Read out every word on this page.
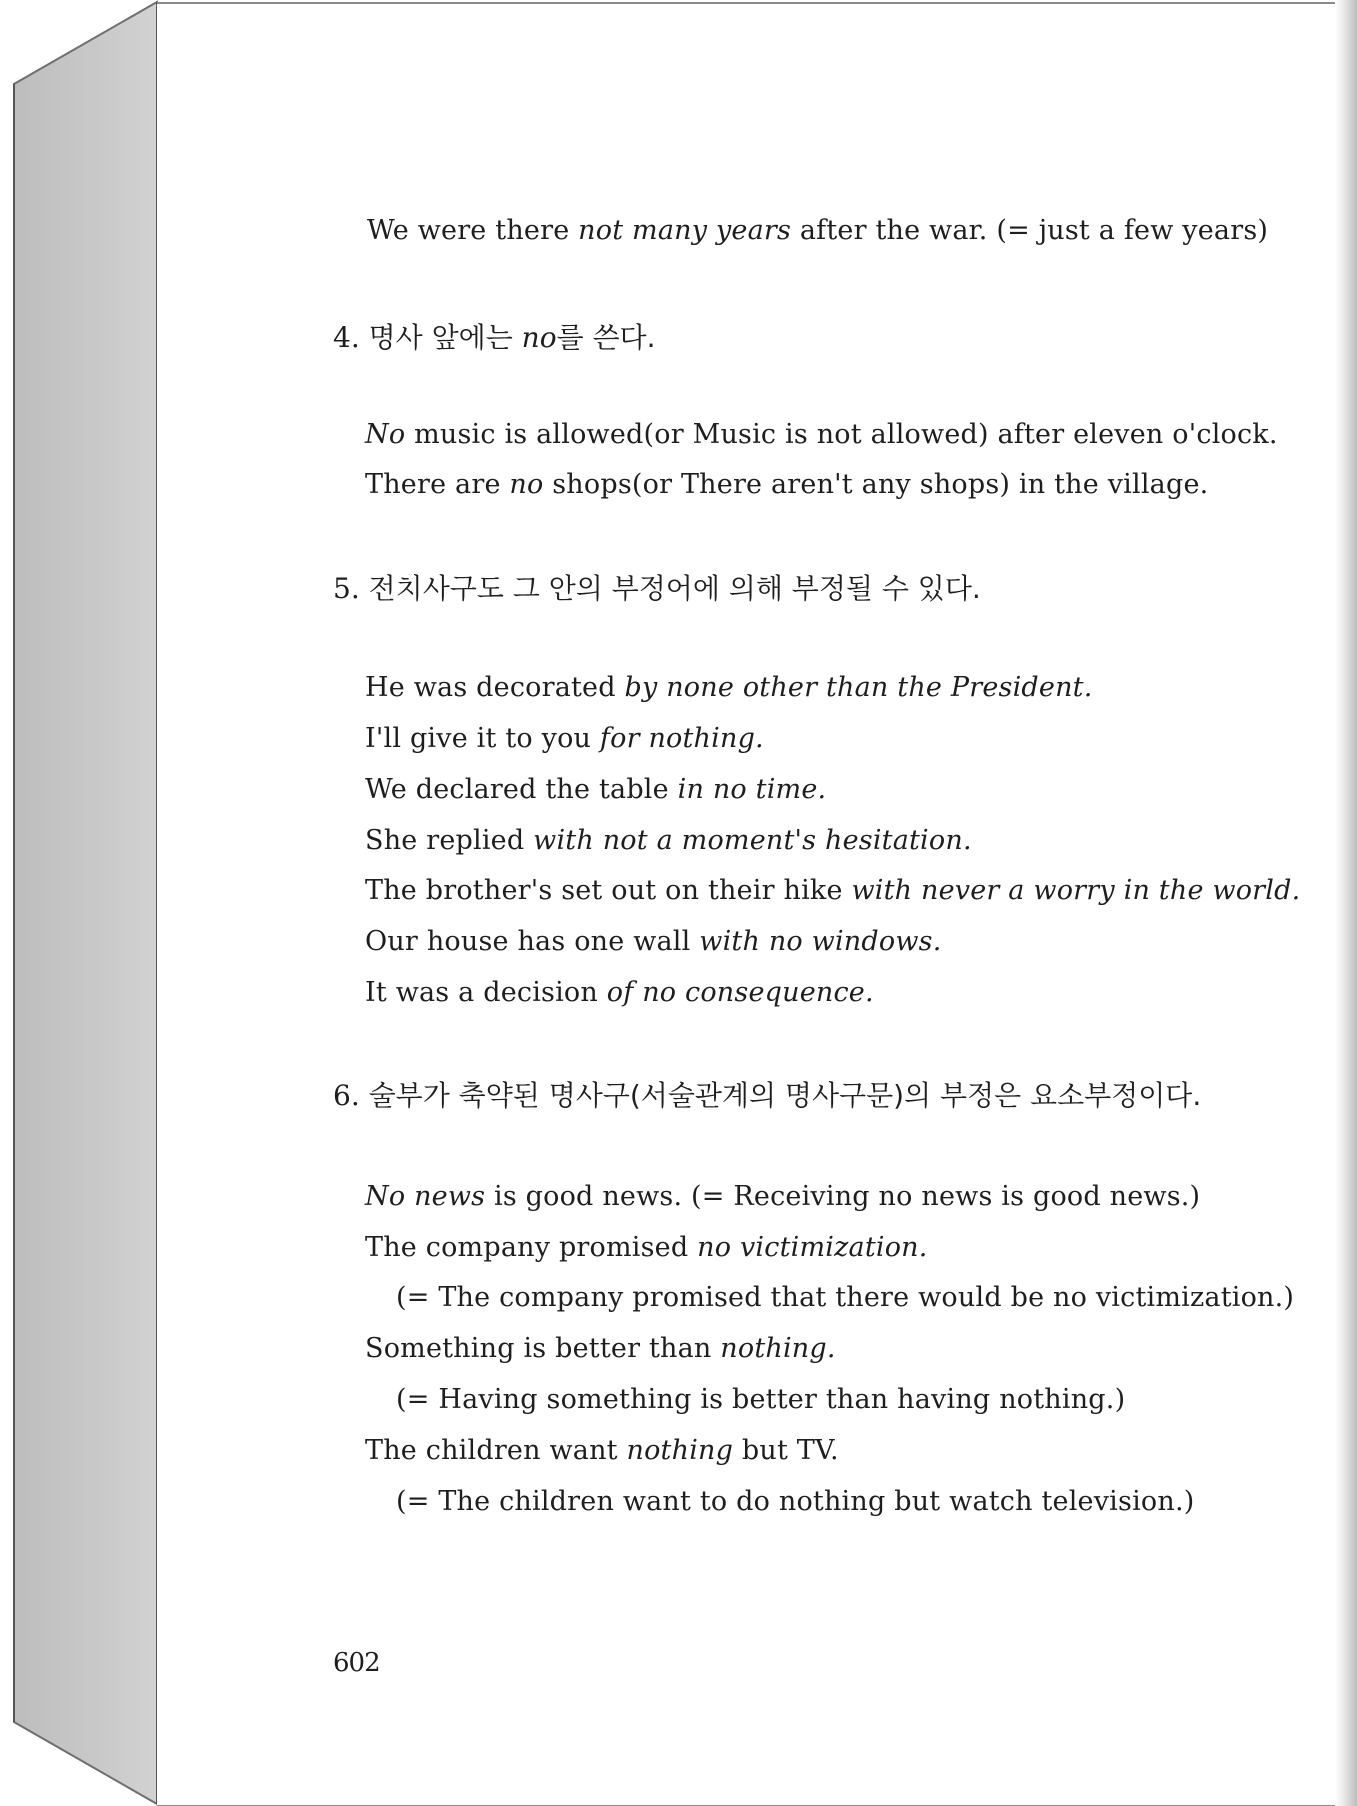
We were there not many years after the war. (= just a few years)
4. 명사 앞에는 no를 쓴다.
No music is allowed(or Music is not allowed) after eleven o'clock.
There are no shops(or There aren't any shops) in the village.
5. 전치사구도 그 안의 부정어에 의해 부정될 수 있다.
He was decorated by none other than the President.
I'll give it to you for nothing.
We declared the table in no time.
She replied with not a moment's hesitation.
The brother's set out on their hike with never a worry in the world.
Our house has one wall with no windows.
It was a decision of no consequence.
6. 술부가 축약된 명사구(서술관계의 명사구문)의 부정은 요소부정이다.
No news is good news. (= Receiving no news is good news.)
The company promised no victimization.
(= The company promised that there would be no victimization.)
Something is better than nothing.
(= Having something is better than having nothing.)
The children want nothing but TV.
(= The children want to do nothing but watch television.)
602
